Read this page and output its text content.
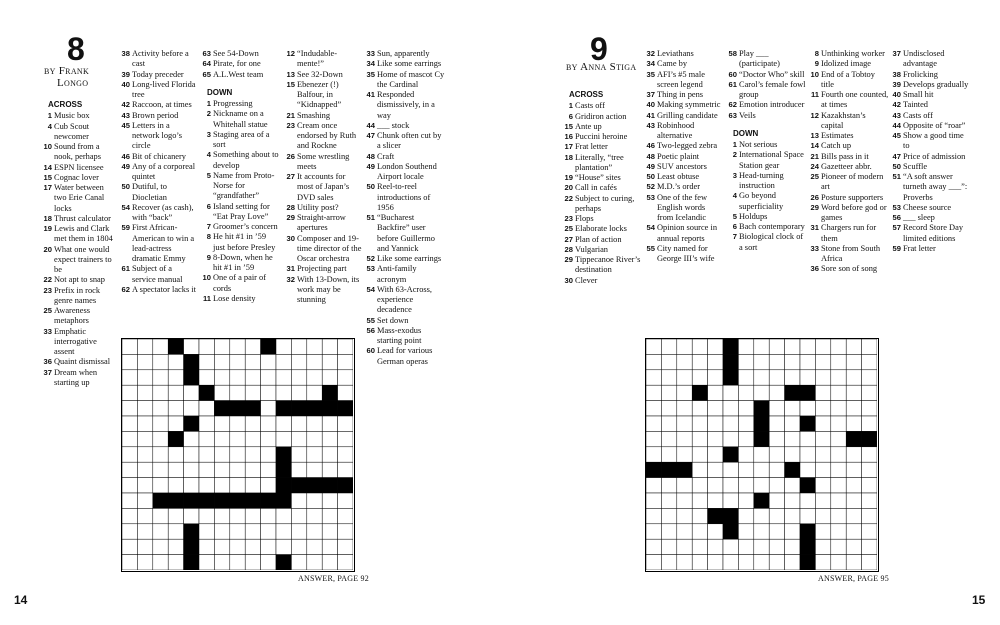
8
by Frank
Longo
ACROSS
1 Music box
4 Cub Scout newcomer
10 Sound from a nook, perhaps
14 ESPN licensee
15 Cognac lover
17 Water between two Erie Canal locks
18 Thrust calculator
19 Lewis and Clark met them in 1804
20 What one would expect trainers to be
22 Not apt to snap
23 Prefix in rock genre names
25 Awareness metaphors
33 Emphatic interrogative assent
36 Quaint dismissal
37 Dream when starting up
38 Activity before a cast
39 Today preceder
40 Long-lived Florida tree
42 Raccoon, at times
43 Brown period
45 Letters in a network logo’s circle
46 Bit of chicanery
49 Any of a corporeal quintet
50 Dutiful, to Diocletian
54 Recover (as cash), with “back”
59 First African-American to win a lead-actress dramatic Emmy
61 Subject of a service manual
62 A spectator lacks it
63 See 54-Down
64 Pirate, for one
65 A.L.West team
DOWN
1 Progressing
2 Nickname on a Whitehall statue
3 Staging area of a sort
4 Something about to develop
5 Name from Proto-Norse for “grandfather”
6 Island setting for “Eat Pray Love”
7 Groomer’s concern
8 He hit #1 in ’59 just before Presley
9 8-Down, when he hit #1 in ’59
10 One of a pair of cords
11 Lose density
12 “Indudable-mente!”
13 See 32-Down
15 Ebenezer (!) Balfour, in “Kidnapped”
21 Smashing
23 Cream once endorsed by Ruth and Rockne
26 Some wrestling meets
27 It accounts for most of Japan’s DVD sales
28 Utility post?
29 Straight-arrow apertures
30 Composer and 19-time director of the Oscar orchestra
31 Projecting part
32 With 13-Down, its work may be stunning
33 Sun, apparently
34 Like some earrings
35 Home of mascot Cy the Cardinal
41 Responded dismissively, in a way
44 ___ stock
47 Chunk often cut by a slicer
48 Craft
49 London Southend Airport locale
50 Reel-to-reel introductions of 1956
51 “Bucharest Backfire” user before Guillermo and Yannick
52 Like some earrings
53 Anti-family acronym
54 With 63-Across, experience decadence
55 Set down
56 Mass-exodus starting point
60 Lead for various German operas
ANSWER, PAGE 92
14
9
by Anna Stiga
ACROSS
1 Casts off
6 Gridiron action
15 Ante up
16 Puccini heroine
17 Frat letter
18 Literally, “tree plantation”
19 “House” sites
20 Call in cafés
22 Subject to curing, perhaps
23 Flops
25 Elaborate locks
27 Plan of action
28 Vulgarian
29 Tippecanoe River’s destination
30 Clever
32 Leviathans
34 Came by
35 AFI’s #5 male screen legend
37 Thing in pens
40 Making symmetric
41 Grilling candidate
43 Robinhood alternative
46 Two-legged zebra
48 Poetic plaint
49 SUV ancestors
50 Least obtuse
52 M.D.’s order
53 One of the few English words from Icelandic
54 Opinion source in annual reports
55 City named for George III’s wife
58 Play ___ (participate)
60 “Doctor Who” skill
61 Carol’s female fowl group
62 Emotion introducer
63 Veils
DOWN
1 Not serious
2 International Space Station gear
3 Head-turning instruction
4 Go beyond superficiality
5 Holdups
6 Bach contemporary
7 Biological clock of a sort
8 Unthinking worker
9 Idolized image
10 End of a Tobtoy title
11 Fourth one counted, at times
12 Kazakhstan’s capital
13 Estimates
14 Catch up
21 Bills pass in it
24 Gazetteer abbr.
25 Pioneer of modern art
26 Posture supporters
29 Word before god or games
31 Chargers run for them
33 Stone from South Africa
36 Sore son of song
37 Undisclosed advantage
38 Frolicking
39 Develops gradually
40 Small hit
42 Tainted
43 Casts off
44 Opposite of “roar”
45 Show a good time to
47 Price of admission
50 Scuffle
51 “A soft answer turneth away ___”: Proverbs
53 Cheese source
56 ___ sleep
57 Record Store Day limited editions
59 Frat letter
ANSWER, PAGE 95
15
